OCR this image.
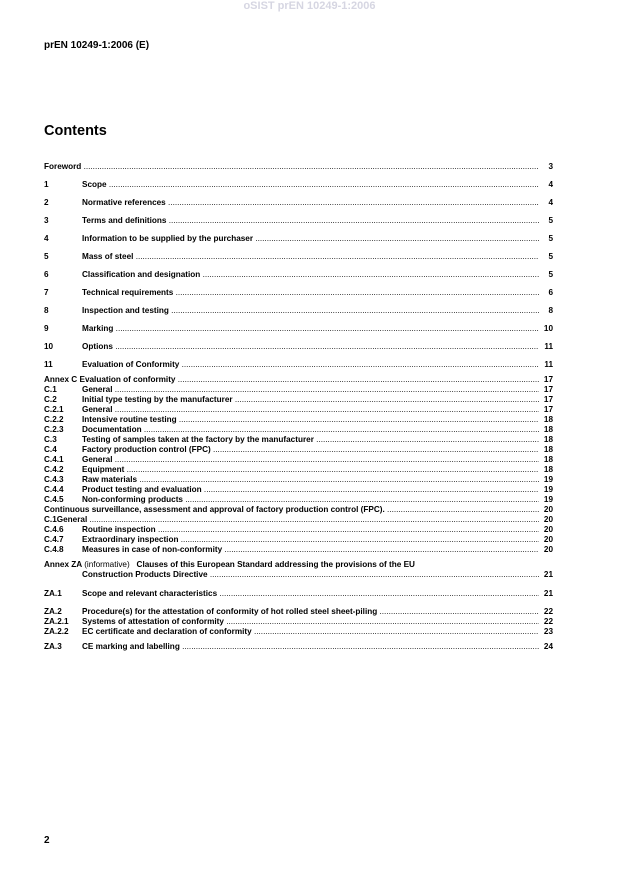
oSIST prEN 10249-1:2006
prEN 10249-1:2006 (E)
Contents
Foreword .....	3
1	Scope .....	4
2	Normative references .....	4
3	Terms and definitions .....	5
4	Information to be supplied by the purchaser .....	5
5	Mass of steel .....	5
6	Classification and designation .....	5
7	Technical requirements .....	6
8	Inspection and testing .....	8
9	Marking .....	10
10	Options .....	11
11	Evaluation of Conformity .....	11
Annex C Evaluation of conformity .....	17
C.1	General .....	17
C.2	Initial type testing by the manufacturer .....	17
C.2.1 General .....	17
C.2.2 Intensive routine testing .....	18
C.2.3 Documentation .....	18
C.3	Testing of samples taken at the factory by the manufacturer .....	18
C.4	Factory production control (FPC) .....	18
C.4.1 General .....	18
C.4.2 Equipment .....	18
C.4.3 Raw materials .....	19
C.4.4 Product testing and evaluation .....	19
C.4.5 Non-conforming products .....	19
Continuous surveillance, assessment and approval of factory production control (FPC). .....	20
C.1General .....	20
C.4.6 Routine inspection .....	20
C.4.7 Extraordinary inspection .....	20
C.4.8 Measures in case of non-conformity .....	20
Annex ZA (informative) Clauses of this European Standard addressing the provisions of the EU
Construction Products Directive .....	21
ZA.1 Scope and relevant characteristics .....	21
ZA.2 Procedure(s) for the attestation of conformity of hot rolled steel sheet-piling .....	22
ZA.2.1 Systems of attestation of conformity .....	22
ZA.2.2 EC certificate and declaration of conformity .....	23
ZA.3 CE marking and labelling .....	24
2
